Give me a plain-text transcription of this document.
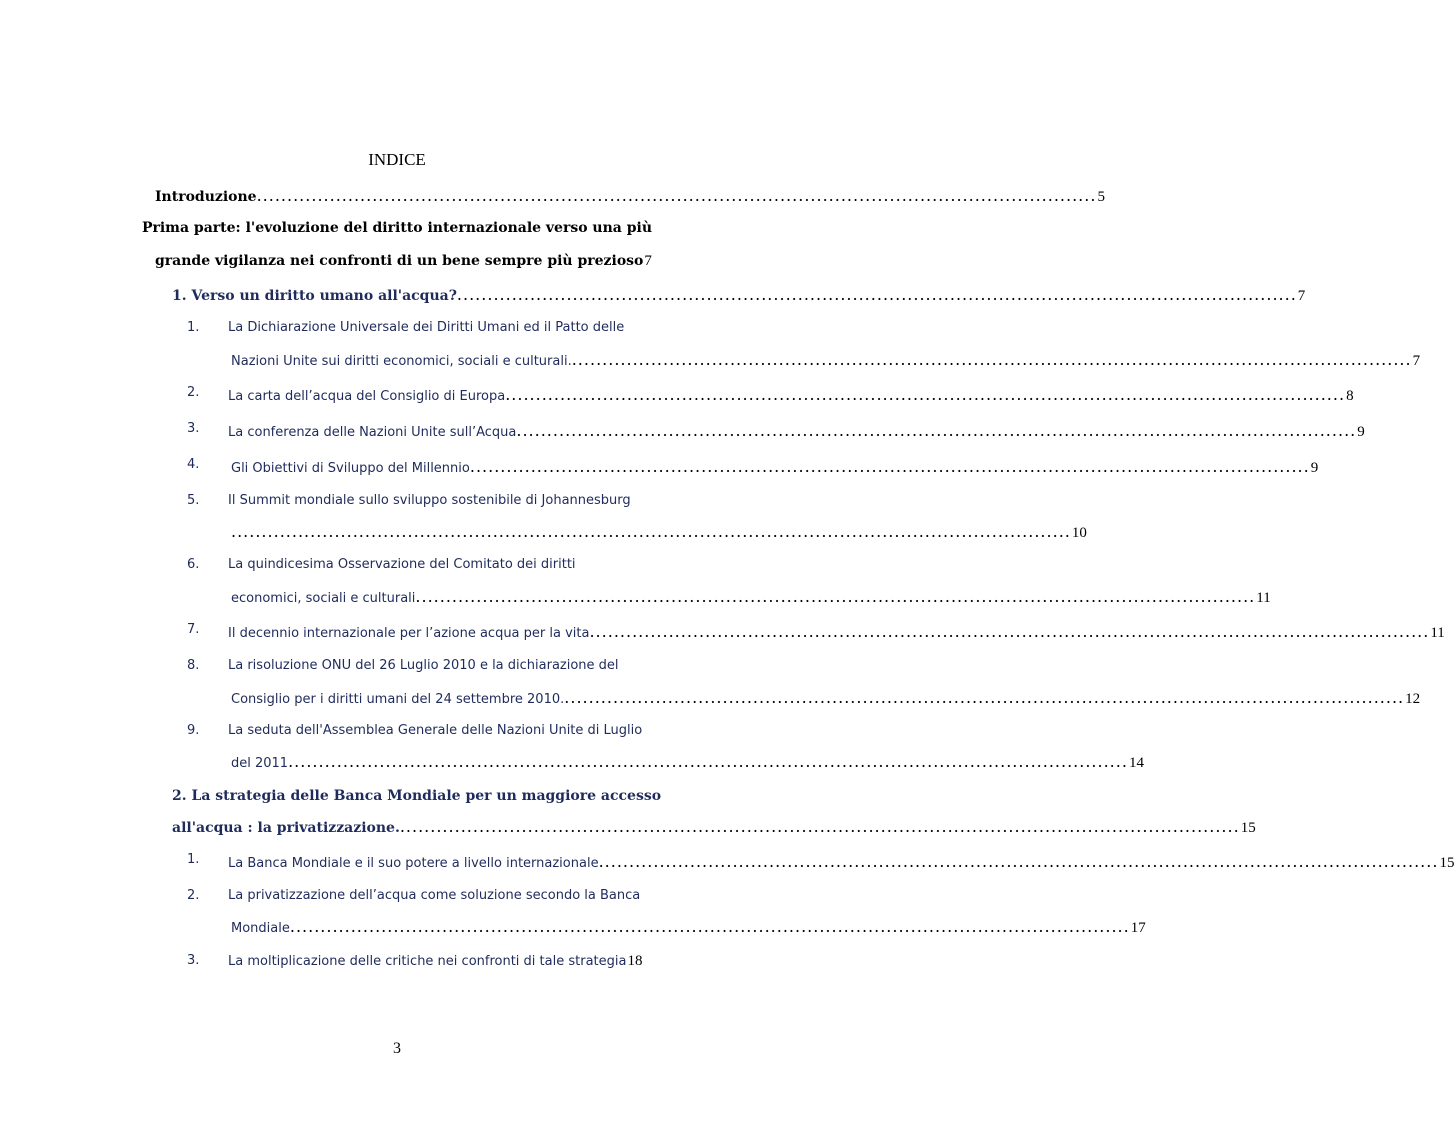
INDICE
Introduzione .......................................................................................................................................... 5
Prima parte: l'evoluzione del diritto internazionale verso una più
grande vigilanza nei confronti di un bene sempre più prezioso 7
1. Verso un diritto umano all'acqua? .......................................................................................................................................... 7
1. La Dichiarazione Universale dei Diritti Umani ed il Patto delle
Nazioni Unite sui diritti economici, sociali e culturali. .......................................................................................................................................... 7
2. La carta dell’acqua del Consiglio di Europa .......................................................................................................................................... 8
3. La conferenza delle Nazioni Unite sull’Acqua .......................................................................................................................................... 9
4. Gli Obiettivi di Sviluppo del Millennio .......................................................................................................................................... 9
5. Il Summit mondiale sullo sviluppo sostenibile di Johannesburg
.......................................................................................................................................... 10
6. La quindicesima Osservazione del Comitato dei diritti
economici, sociali e culturali .......................................................................................................................................... 11
7. Il decennio internazionale per l’azione acqua per la vita .......................................................................................................................................... 11
8. La risoluzione ONU del 26 Luglio 2010 e la dichiarazione del
Consiglio per i diritti umani del 24 settembre 2010. .......................................................................................................................................... 12
9. La seduta dell'Assemblea Generale delle Nazioni Unite di Luglio
del 2011 .......................................................................................................................................... 14
2. La strategia delle Banca Mondiale per un maggiore accesso
all'acqua : la privatizzazione. .......................................................................................................................................... 15
1. La Banca Mondiale e il suo potere a livello internazionale .......................................................................................................................................... 15
2. La privatizzazione dell’acqua come soluzione secondo la Banca
Mondiale .......................................................................................................................................... 17
3. La moltiplicazione delle critiche nei confronti di tale strategia 18
3
